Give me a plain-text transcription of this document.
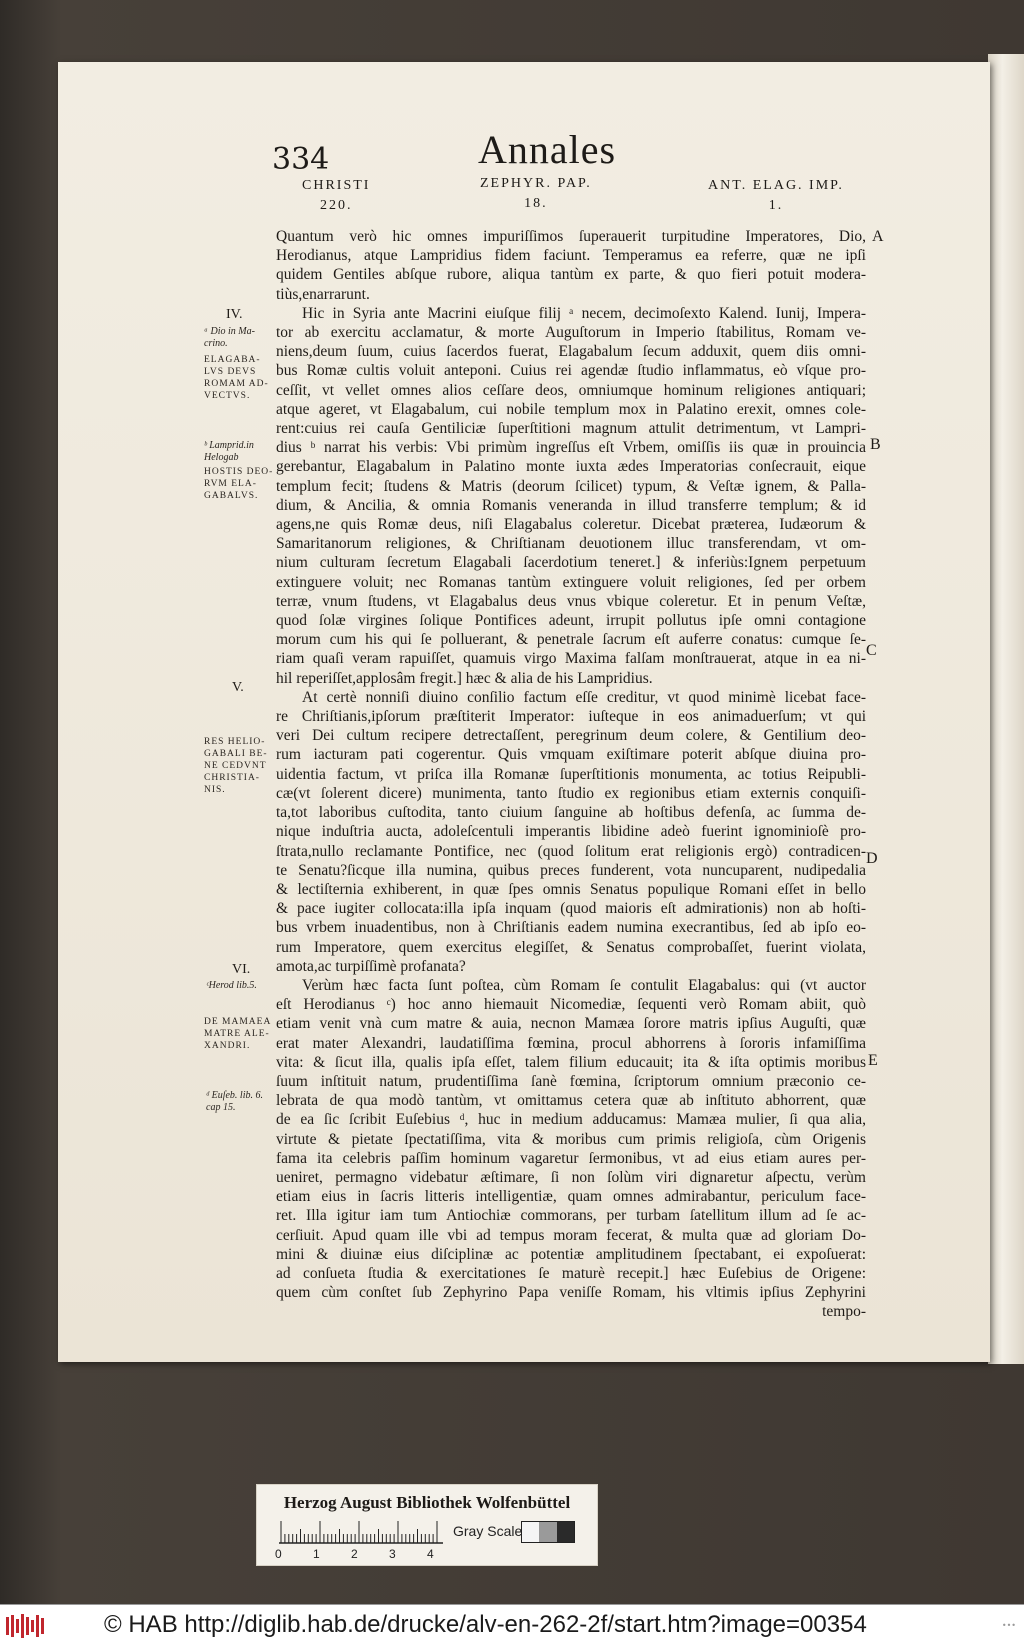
334	Annales
CHRISTI
220.
ZEPHYR. PAP.
18.
ANT. ELAG. IMP.
1.
Quantum verò hic omnes impuriſſimos ſuperauerit turpitudine Imperatores, Dio,
Herodianus, atque Lampridius fidem faciunt. Temperamus ea referre, quæ ne ipſi
quidem Gentiles abſque rubore, aliqua tantùm ex parte, & quo fieri potuit modera-
tiùs,enarrarunt.
Hic in Syria ante Macrini eiuſque filij ᵃ necem, decimoſexto Kalend. Iunij, Impera-
tor ab exercitu acclamatur, & morte Auguſtorum in Imperio ſtabilitus, Romam ve-
niens,deum ſuum, cuius ſacerdos fuerat, Elagabalum ſecum adduxit, quem diis omni-
bus Romæ cultis voluit anteponi. Cuius rei agendæ ſtudio inflammatus, eò vſque pro-
ceſſit, vt vellet omnes alios ceſſare deos, omniumque hominum religiones antiquari;
atque ageret, vt Elagabalum, cui nobile templum mox in Palatino erexit, omnes cole-
rent:cuius rei cauſa Gentiliciæ ſuperſtitioni magnum attulit detrimentum, vt Lampri-
dius ᵇ narrat his verbis: Vbi primùm ingreſſus eſt Vrbem, omiſſis iis quæ in prouincia
gerebantur, Elagabalum in Palatino monte iuxta ædes Imperatorias conſecrauit, eique
templum fecit; ſtudens & Matris (deorum ſcilicet) typum, & Veſtæ ignem, & Palla-
dium, & Ancilia, & omnia Romanis veneranda in illud transferre templum; & id
agens,ne quis Romæ deus, niſi Elagabalus coleretur. Dicebat præterea, Iudæorum &
Samaritanorum religiones, & Chriſtianam deuotionem illuc transferendam, vt om-
nium culturam ſecretum Elagabali ſacerdotium teneret.] & inferiùs:Ignem perpetuum
extinguere voluit; nec Romanas tantùm extinguere voluit religiones, ſed per orbem
terræ, vnum ſtudens, vt Elagabalus deus vnus vbique coleretur. Et in penum Veſtæ,
quod ſolæ virgines ſolique Pontifices adeunt, irrupit pollutus ipſe omni contagione
morum cum his qui ſe polluerant, & penetrale ſacrum eſt auferre conatus: cumque ſe-
riam quaſi veram rapuiſſet, quamuis virgo Maxima falſam monſtrauerat, atque in ea ni-
hil reperiſſet,applosâm fregit.] hæc & alia de his Lampridius.
At certè nonniſi diuino conſilio factum eſſe creditur, vt quod minimè licebat face-
re Chriſtianis,ipſorum præſtiterit Imperator: iuſteque in eos animaduerſum; vt qui
veri Dei cultum recipere detrectaſſent, peregrinum deum colere, & Gentilium deo-
rum iacturam pati cogerentur. Quis vmquam exiſtimare poterit abſque diuina pro-
uidentia factum, vt priſca illa Romanæ ſuperſtitionis monumenta, ac totius Reipubli-
cæ(vt ſolerent dicere) munimenta, tanto ſtudio ex regionibus etiam externis conquiſi-
ta,tot laboribus cuſtodita, tanto ciuium ſanguine ab hoſtibus defenſa, ac ſumma de-
nique induſtria aucta, adoleſcentuli imperantis libidine adeò fuerint ignominioſè pro-
ſtrata,nullo reclamante Pontifice, nec (quod ſolitum erat religionis ergò) contradicen-
te Senatu?ſicque illa numina, quibus preces funderent, vota nuncuparent, nudipedalia
& lectiſternia exhiberent, in quæ ſpes omnis Senatus populique Romani eſſet in bello
& pace iugiter collocata:illa ipſa inquam (quod maioris eſt admirationis) non ab hoſti-
bus vrbem inuadentibus, non à Chriſtianis eadem numina execrantibus, ſed ab ipſo eo-
rum Imperatore, quem exercitus elegiſſet, & Senatus comprobaſſet, fuerint violata,
amota,ac turpiſſimè profanata?
Verùm hæc facta ſunt poſtea, cùm Romam ſe contulit Elagabalus: qui (vt auctor
eſt Herodianus ᶜ) hoc anno hiemauit Nicomediæ, ſequenti verò Romam abiit, quò
etiam venit vnà cum matre & auia, necnon Mamæa ſorore matris ipſius Auguſti, quæ
erat mater Alexandri, laudatiſſima fœmina, procul abhorrens à ſororis infamiſſima
vita: & ſicut illa, qualis ipſa eſſet, talem filium educauit; ita & iſta optimis moribus
ſuum inſtituit natum, prudentiſſima ſanè fœmina, ſcriptorum omnium præconio ce-
lebrata de qua modò tantùm, vt omittamus cetera quæ ab inſtituto abhorrent, quæ
de ea ſic ſcribit Euſebius ᵈ, huc in medium adducamus: Mamæa mulier, ſi qua alia,
virtute & pietate ſpectatiſſima, vita & moribus cum primis religioſa, cùm Origenis
fama ita celebris paſſim hominum vagaretur ſermonibus, vt ad eius etiam aures per-
ueniret, permagno videbatur æſtimare, ſi non ſolùm viri dignaretur aſpectu, verùm
etiam eius in ſacris litteris intelligentiæ, quam omnes admirabantur, periculum face-
ret. Illa igitur iam tum Antiochiæ commorans, per turbam ſatellitum illum ad ſe ac-
cerſiuit. Apud quam ille vbi ad tempus moram fecerat, & multa quæ ad gloriam Do-
mini & diuinæ eius diſciplinæ ac potentiæ amplitudinem ſpectabant, ei expoſuerat:
ad conſueta ſtudia & exercitationes ſe maturè recepit.] hæc Euſebius de Origene:
quem cùm conſtet ſub Zephyrino Papa veniſſe Romam, his vltimis ipſius Zephyrini
tempo-
IV.
V.
VI.
ᵃ Dio in Ma-
crino.
ELAGABA-
LVS DEVS
ROMAM AD-
VECTVS.
ᵇ Lamprid.in
Helogab
HOSTIS DEO-
RVM ELA-
GABALVS.
RES HELIO-
GABALI BE-
NE CEDVNT
CHRISTIA-
NIS.
ᶜHerod lib.5.
DE MAMAEA
MATRE ALE-
XANDRI.
ᵈ Euſeb. lib. 6.
cap 15.
A
B
C
D
E
Herzog August Bibliothek Wolfenbüttel
Gray Scale
0	1	2	3	4
© HAB http://diglib.hab.de/drucke/alv-en-262-2f/start.htm?image=00354	•••
